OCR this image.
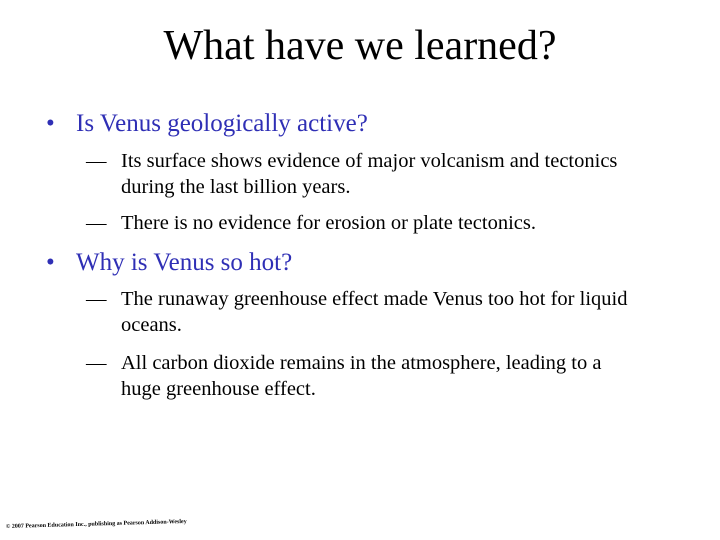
What have we learned?
• Is Venus geologically active?
— Its surface shows evidence of major volcanism and tectonics during the last billion years.
— There is no evidence for erosion or plate tectonics.
• Why is Venus so hot?
— The runaway greenhouse effect made Venus too hot for liquid oceans.
— All carbon dioxide remains in the atmosphere, leading to a huge greenhouse effect.
© 2007 Pearson Education Inc., publishing as Pearson Addison-Wesley
